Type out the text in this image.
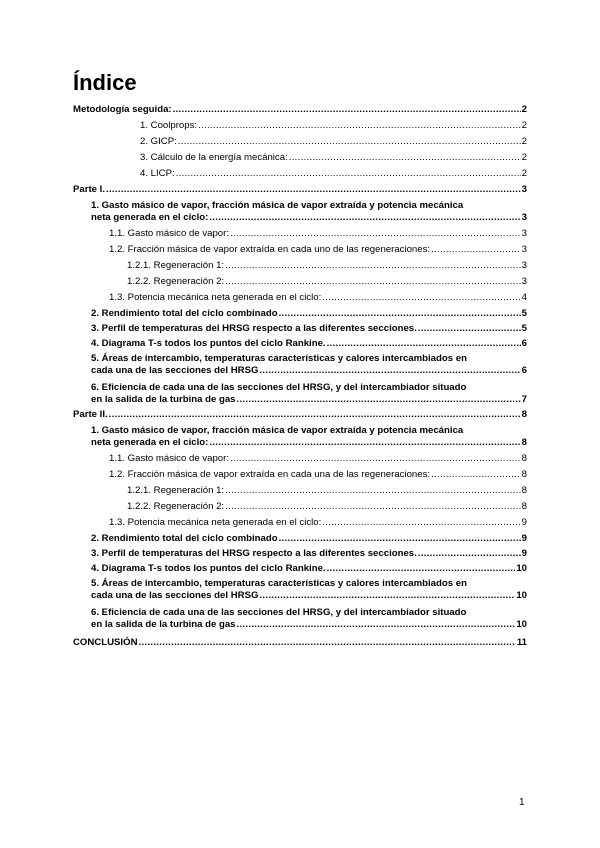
Índice
Metodología seguida: .....	2
1. Coolprops: .....	2
2. GICP: .....	2
3. Cálculo de la energía mecánica: .....	2
4. LICP: .....	2
Parte I. .....	3
1. Gasto másico de vapor, fracción másica de vapor extraída y potencia mecánica
neta generada en el ciclo: .....	3
1.1. Gasto másico de vapor: .....	3
1.2. Fracción másica de vapor extraída en cada uno de las regeneraciones: .....	3
1.2.1. Regeneración 1: .....	3
1.2.2. Regeneración 2: .....	3
1.3. Potencia mecánica neta generada en el ciclo: .....	4
2. Rendimiento total del ciclo combinado .....	5
3. Perfil de temperaturas del HRSG respecto a las diferentes secciones. .....	5
4. Diagrama T-s todos los puntos del ciclo Rankine. .....	6
5. Áreas de intercambio, temperaturas características y calores intercambiados en
cada una de las secciones del HRSG .....	6
6. Eficiencia de cada una de las secciones del HRSG, y del intercambiador situado
en la salida de la turbina de gas .....	7
Parte II. .....	8
1. Gasto másico de vapor, fracción másica de vapor extraída y potencia mecánica
neta generada en el ciclo: .....	8
1.1. Gasto másico de vapor: .....	8
1.2. Fracción másica de vapor extraída en cada una de las regeneraciones: .....	8
1.2.1. Regeneración 1: .....	8
1.2.2. Regeneración 2: .....	8
1.3. Potencia mecánica neta generada en el ciclo: .....	9
2. Rendimiento total del ciclo combinado .....	9
3. Perfil de temperaturas del HRSG respecto a las diferentes secciones. .....	9
4. Diagrama T-s todos los puntos del ciclo Rankine. .....	10
5. Áreas de intercambio, temperaturas características y calores intercambiados en
cada una de las secciones del HRSG .....	10
6. Eficiencia de cada una de las secciones del HRSG, y del intercambiador situado
en la salida de la turbina de gas .....	10
CONCLUSIÓN .....	11
1
